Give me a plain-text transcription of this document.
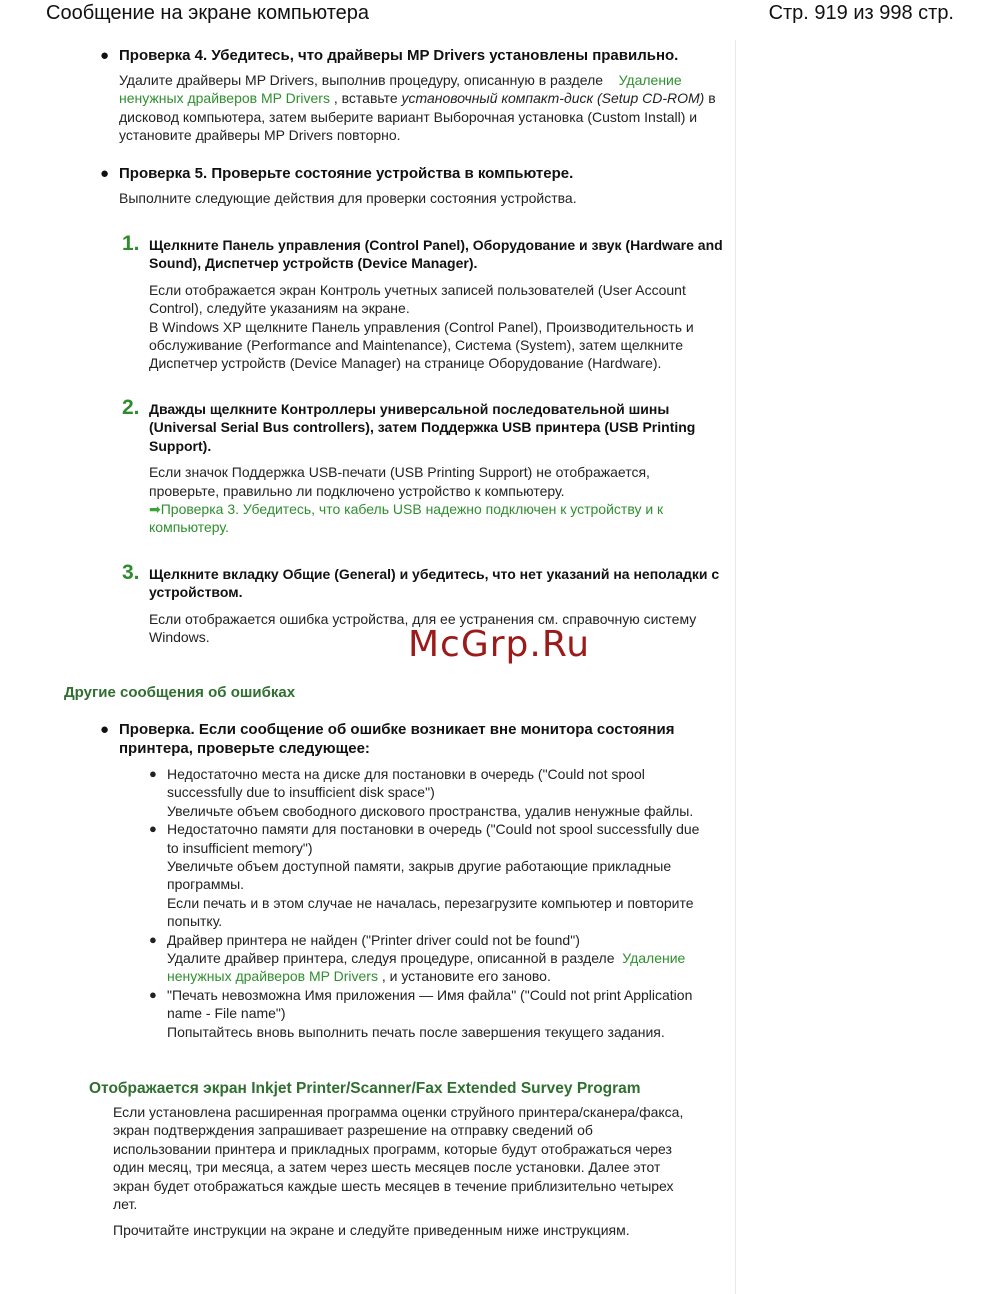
Сообщение на экране компьютера	Стр. 919 из 998 стр.
● Проверка 4. Убедитесь, что драйверы MP Drivers установлены правильно.
Удалите драйверы MP Drivers, выполнив процедуру, описанную в разделе Удаление
ненужных драйверов MP Drivers , вставьте установочный компакт-диск (Setup CD-ROM) в
дисковод компьютера, затем выберите вариант Выборочная установка (Custom Install) и
установите драйверы MP Drivers повторно.
● Проверка 5. Проверьте состояние устройства в компьютере.
Выполните следующие действия для проверки состояния устройства.
1. Щелкните Панель управления (Control Panel), Оборудование и звук (Hardware and
Sound), Диспетчер устройств (Device Manager).
Если отображается экран Контроль учетных записей пользователей (User Account
Control), следуйте указаниям на экране.
В Windows XP щелкните Панель управления (Control Panel), Производительность и
обслуживание (Performance and Maintenance), Система (System), затем щелкните
Диспетчер устройств (Device Manager) на странице Оборудование (Hardware).
2. Дважды щелкните Контроллеры универсальной последовательной шины
(Universal Serial Bus controllers), затем Поддержка USB принтера (USB Printing
Support).
Если значок Поддержка USB-печати (USB Printing Support) не отображается,
проверьте, правильно ли подключено устройство к компьютеру.
➡Проверка 3. Убедитесь, что кабель USB надежно подключен к устройству и к
компьютеру.
3. Щелкните вкладку Общие (General) и убедитесь, что нет указаний на неполадки с
устройством.
Если отображается ошибка устройства, для ее устранения см. справочную систему
Windows.	McGrp.Ru
Другие сообщения об ошибках
● Проверка. Если сообщение об ошибке возникает вне монитора состояния
принтера, проверьте следующее:
● Недостаточно места на диске для постановки в очередь ("Could not spool
successfully due to insufficient disk space")
Увеличьте объем свободного дискового пространства, удалив ненужные файлы.
● Недостаточно памяти для постановки в очередь ("Could not spool successfully due
to insufficient memory")
Увеличьте объем доступной памяти, закрыв другие работающие прикладные
программы.
Если печать и в этом случае не началась, перезагрузите компьютер и повторите
попытку.
● Драйвер принтера не найден ("Printer driver could not be found")
Удалите драйвер принтера, следуя процедуре, описанной в разделе Удаление
ненужных драйверов MP Drivers , и установите его заново.
● "Печать невозможна Имя приложения — Имя файла" ("Could not print Application
name - File name")
Попытайтесь вновь выполнить печать после завершения текущего задания.
Отображается экран Inkjet Printer/Scanner/Fax Extended Survey Program
Если установлена расширенная программа оценки струйного принтера/сканера/факса,
экран подтверждения запрашивает разрешение на отправку сведений об
использовании принтера и прикладных программ, которые будут отображаться через
один месяц, три месяца, а затем через шесть месяцев после установки. Далее этот
экран будет отображаться каждые шесть месяцев в течение приблизительно четырех
лет.
Прочитайте инструкции на экране и следуйте приведенным ниже инструкциям.
